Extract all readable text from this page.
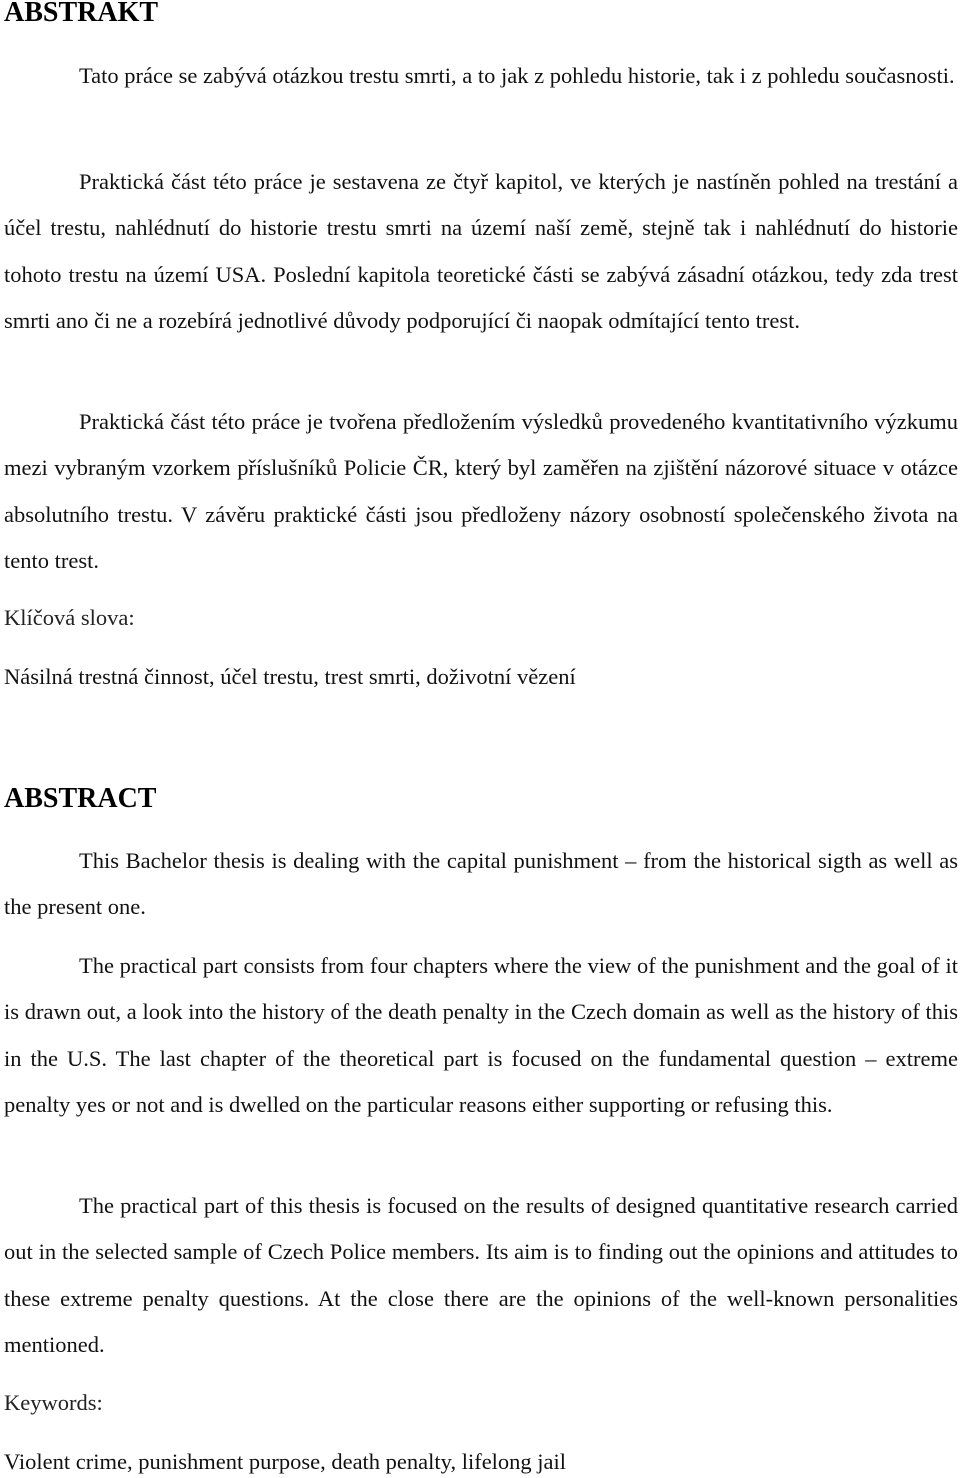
ABSTRAKT

Tato práce se zabývá otázkou trestu smrti, a to jak z pohledu historie, tak i z pohledu současnosti.

Praktická část této práce je sestavena ze čtyř kapitol, ve kterých je nastíněn pohled na trestání a účel trestu, nahlédnutí do historie trestu smrti na území naší země, stejně tak i nahlédnutí do historie tohoto trestu na území USA. Poslední kapitola teoretické části se zabývá zásadní otázkou, tedy zda trest smrti ano či ne a rozebírá jednotlivé důvody podporující či naopak odmítající tento trest.

Praktická část této práce je tvořena předložením výsledků provedeného kvantitativního výzkumu mezi vybraným vzorkem příslušníků Policie ČR, který byl zaměřen na zjištění názorové situace v otázce absolutního trestu. V závěru praktické části jsou předloženy názory osobností společenského života na tento trest.

Klíčová slova:
Násilná trestná činnost, účel trestu, trest smrti, doživotní vězení
ABSTRACT

This Bachelor thesis is dealing with the capital punishment – from the historical sigth as well as the present one.

The practical part consists from four chapters where the view of the punishment and the goal of it is drawn out, a look into the history of the death penalty in the Czech domain as well as the history of this in the U.S. The last chapter of the theoretical part is focused on the fundamental question – extreme penalty yes or not and is dwelled on the particular reasons either supporting or refusing this.

The practical part of this thesis is focused on the results of designed quantitative research carried out in the selected sample of Czech Police members. Its aim is to finding out the opinions and attitudes to these extreme penalty questions. At the close there are the opinions of the well-known personalities mentioned.

Keywords:
Violent crime, punishment purpose, death penalty, lifelong jail
